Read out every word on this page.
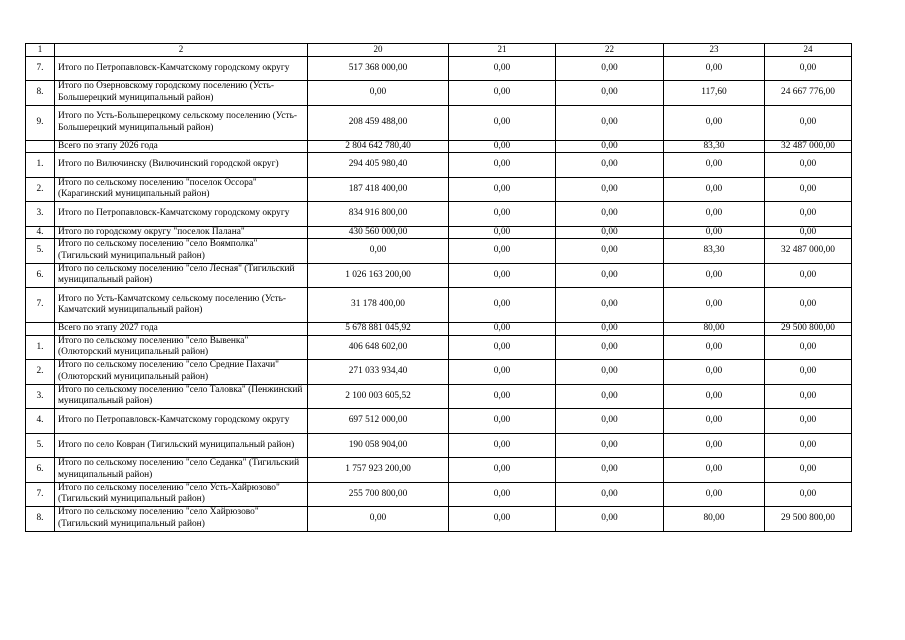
1	2	20	21	22	23	24
7.	Итого по Петропавловск-Камчатскому городскому округу	517 368 000,00	0,00	0,00	0,00	0,00
8.	Итого по Озерновскому городскому поселению (Усть-Большерецкий муниципальный район)	0,00	0,00	0,00	117,60	24 667 776,00
9.	Итого по Усть-Большерецкому сельскому поселению (Усть-Большерецкий муниципальный район)	208 459 488,00	0,00	0,00	0,00	0,00
	Всего по этапу 2026 года	2 804 642 780,40	0,00	0,00	83,30	32 487 000,00
1.	Итого по Вилючинску (Вилючинский городской округ)	294 405 980,40	0,00	0,00	0,00	0,00
2.	Итого по сельскому поселению "поселок Оссора" (Карагинский муниципальный район)	187 418 400,00	0,00	0,00	0,00	0,00
3.	Итого по Петропавловск-Камчатскому городскому округу	834 916 800,00	0,00	0,00	0,00	0,00
4.	Итого по городскому округу "поселок Палана"	430 560 000,00	0,00	0,00	0,00	0,00
5.	Итого по сельскому поселению "село Воямполка" (Тигильский муниципальный район)	0,00	0,00	0,00	83,30	32 487 000,00
6.	Итого по сельскому поселению "село Лесная" (Тигильский муниципальный район)	1 026 163 200,00	0,00	0,00	0,00	0,00
7.	Итого по Усть-Камчатскому сельскому поселению (Усть-Камчатский муниципальный район)	31 178 400,00	0,00	0,00	0,00	0,00
	Всего по этапу 2027 года	5 678 881 045,92	0,00	0,00	80,00	29 500 800,00
1.	Итого по сельскому поселению "село Вывенка" (Олюторский муниципальный район)	406 648 602,00	0,00	0,00	0,00	0,00
2.	Итого по сельскому поселению "село Средние Пахачи" (Олюторский муниципальный район)	271 033 934,40	0,00	0,00	0,00	0,00
3.	Итого по сельскому поселению "село Таловка" (Пенжинский муниципальный район)	2 100 003 605,52	0,00	0,00	0,00	0,00
4.	Итого по Петропавловск-Камчатскому городскому округу	697 512 000,00	0,00	0,00	0,00	0,00
5.	Итого по село Ковран (Тигильский муниципальный район)	190 058 904,00	0,00	0,00	0,00	0,00
6.	Итого по сельскому поселению "село Седанка" (Тигильский муниципальный район)	1 757 923 200,00	0,00	0,00	0,00	0,00
7.	Итого по сельскому поселению "село Усть-Хайрюзово" (Тигильский муниципальный район)	255 700 800,00	0,00	0,00	0,00	0,00
8.	Итого по сельскому поселению "село Хайрюзово" (Тигильский муниципальный район)	0,00	0,00	0,00	80,00	29 500 800,00
